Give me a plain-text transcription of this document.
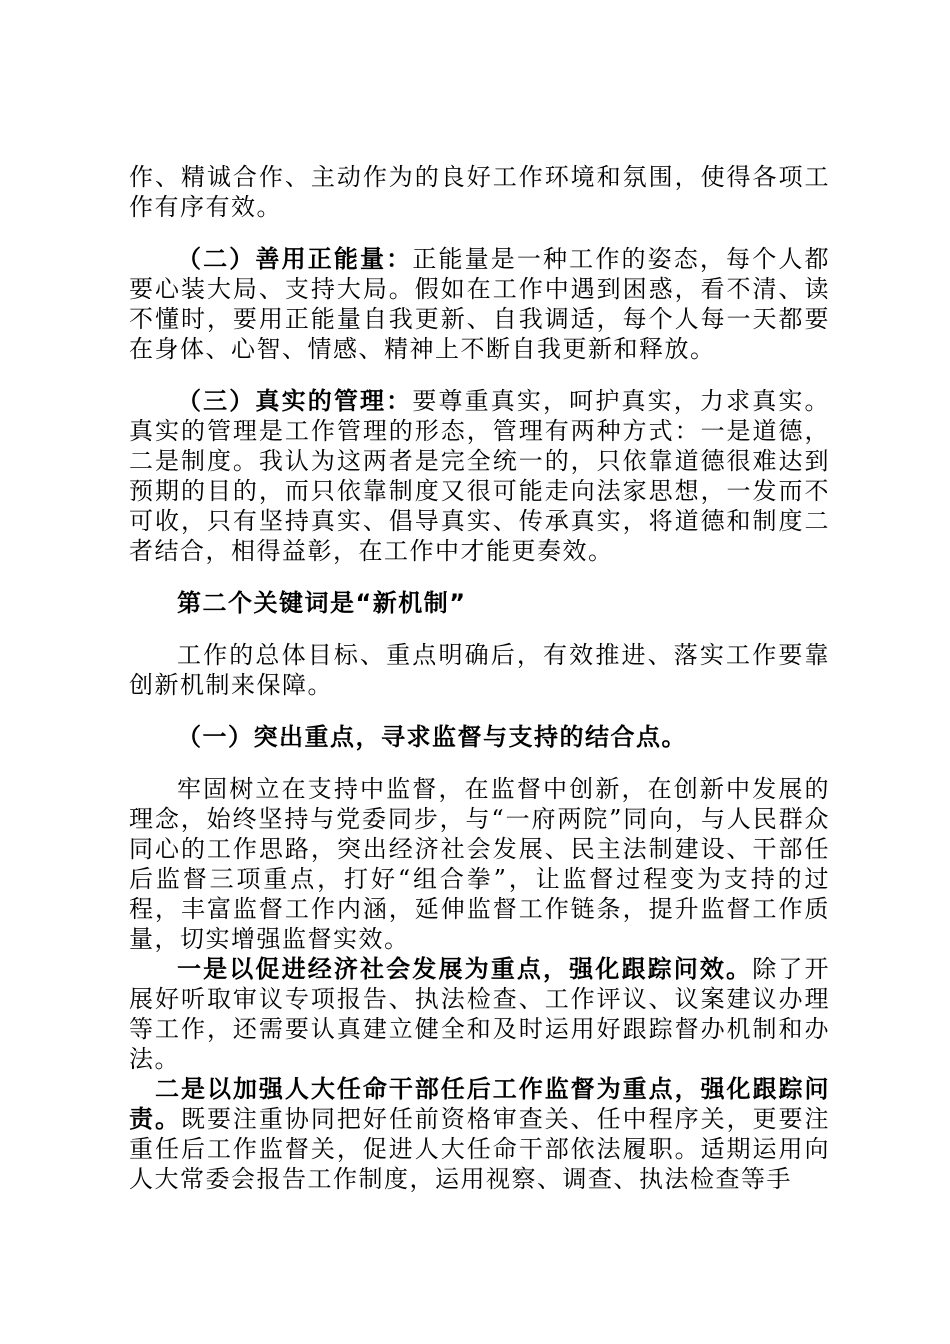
作、精诚合作、主动作为的良好工作环境和氛围，使得各项工作有序有效。

（二）善用正能量：正能量是一种工作的姿态，每个人都要心装大局、支持大局。假如在工作中遇到困惑，看不清、读不懂时，要用正能量自我更新、自我调适，每个人每一天都要在身体、心智、情感、精神上不断自我更新和释放。

（三）真实的管理：要尊重真实，呵护真实，力求真实。真实的管理是工作管理的形态，管理有两种方式：一是道德，二是制度。我认为这两者是完全统一的，只依靠道德很难达到预期的目的，而只依靠制度又很可能走向法家思想，一发而不可收，只有坚持真实、倡导真实、传承真实，将道德和制度二者结合，相得益彰，在工作中才能更奏效。

第二个关键词是“新机制”

工作的总体目标、重点明确后，有效推进、落实工作要靠创新机制来保障。

（一）突出重点，寻求监督与支持的结合点。

牢固树立在支持中监督，在监督中创新，在创新中发展的理念，始终坚持与党委同步，与“一府两院”同向，与人民群众同心的工作思路，突出经济社会发展、民主法制建设、干部任后监督三项重点，打好“组合拳”，让监督过程变为支持的过程，丰富监督工作内涵，延伸监督工作链条，提升监督工作质量，切实增强监督实效。

一是以促进经济社会发展为重点，强化跟踪问效。除了开展好听取审议专项报告、执法检查、工作评议、议案建议办理等工作，还需要认真建立健全和及时运用好跟踪督办机制和办法。

二是以加强人大任命干部任后工作监督为重点，强化跟踪问责。既要注重协同把好任前资格审查关、任中程序关，更要注重任后工作监督关，促进人大任命干部依法履职。适期运用向人大常委会报告工作制度，运用视察、调查、执法检查等手
